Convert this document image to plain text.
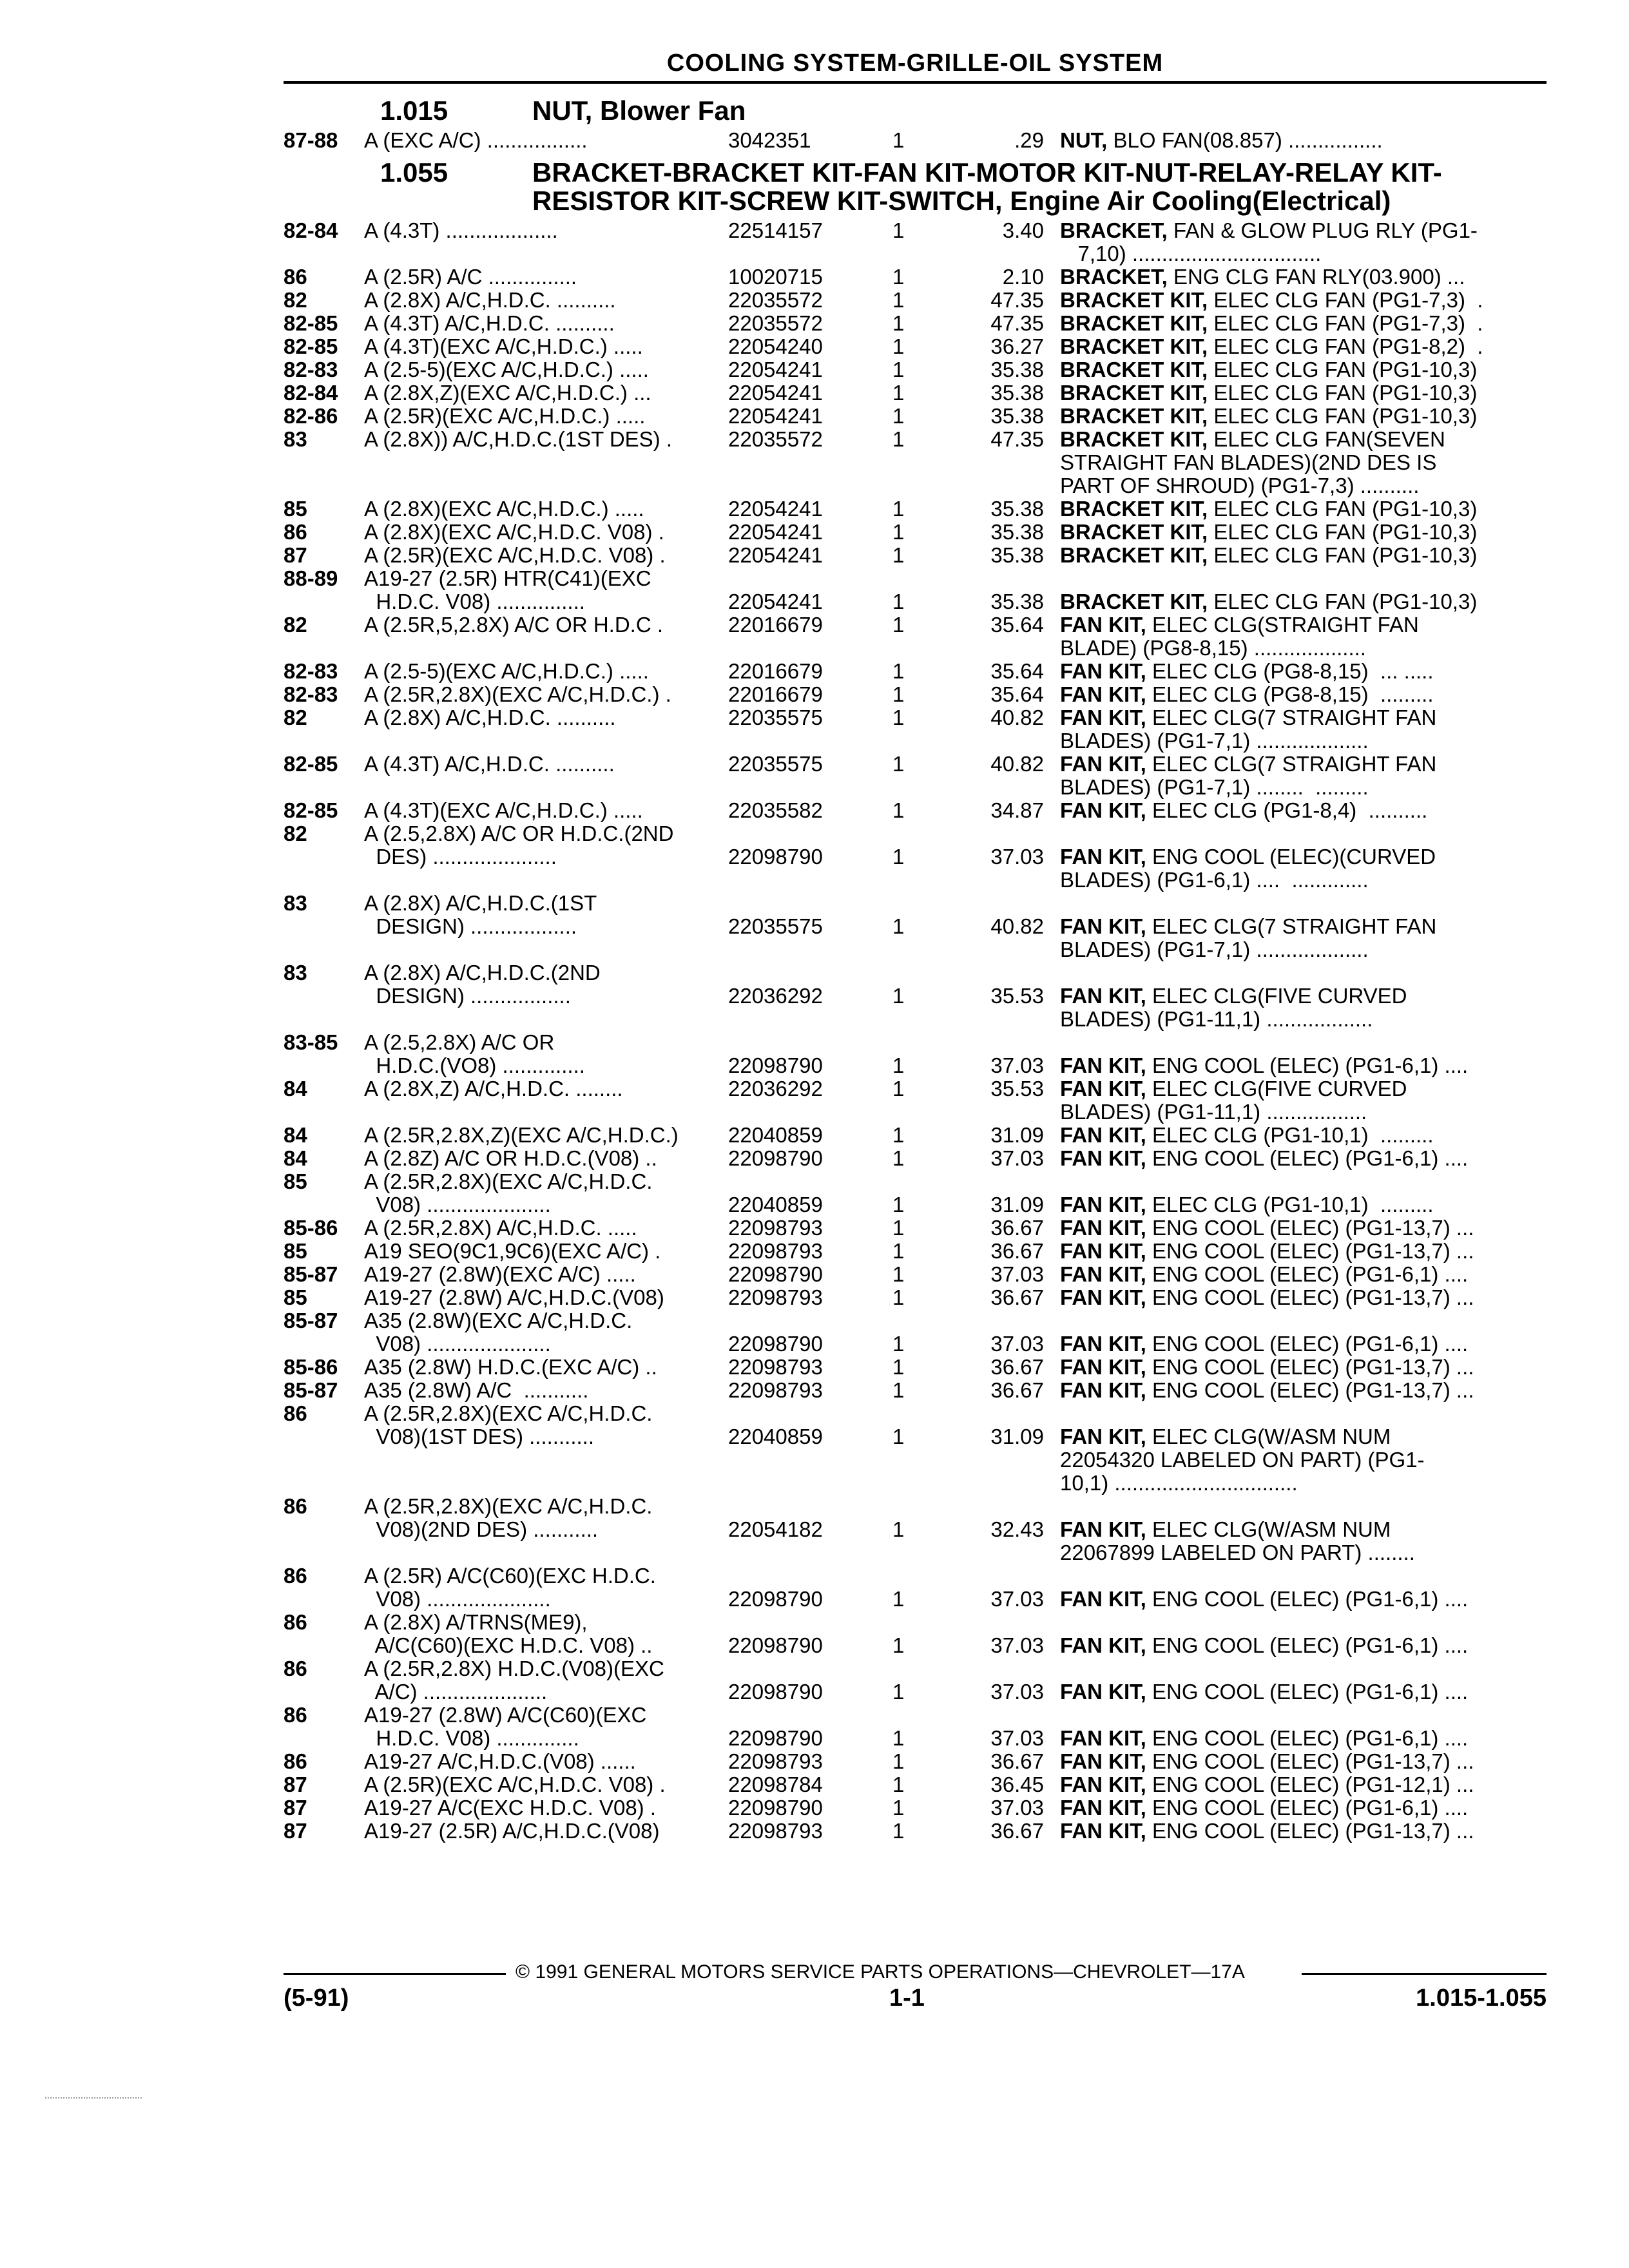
COOLING SYSTEM-GRILLE-OIL SYSTEM
1.015	NUT, Blower Fan
87-88	A (EXC A/C) .................	3042351	1	.29 NUT, BLO FAN(08.857) ................
1.055	BRACKET-BRACKET KIT-FAN KIT-MOTOR KIT-NUT-RELAY-RELAY KIT-RESISTOR KIT-SCREW KIT-SWITCH, Engine Air Cooling(Electrical)
82-84	A (4.3T) ...................	22514157	1	3.40 BRACKET, FAN & GLOW PLUG RLY (PG1-
7,10) ................................
86	A (2.5R) A/C ...............	10020715	1	2.10 BRACKET, ENG CLG FAN RLY(03.900) ...
82	A (2.8X) A/C,H.D.C. ..........	22035572	1	47.35 BRACKET KIT, ELEC CLG FAN (PG1-7,3)  .
82-85	A (4.3T) A/C,H.D.C. ..........	22035572	1	47.35 BRACKET KIT, ELEC CLG FAN (PG1-7,3)  .
82-85	A (4.3T)(EXC A/C,H.D.C.) .....	22054240	1	36.27 BRACKET KIT, ELEC CLG FAN (PG1-8,2)  .
82-83	A (2.5-5)(EXC A/C,H.D.C.) .....	22054241	1	35.38 BRACKET KIT, ELEC CLG FAN (PG1-10,3)
82-84	A (2.8X,Z)(EXC A/C,H.D.C.) ...	22054241	1	35.38 BRACKET KIT, ELEC CLG FAN (PG1-10,3)
82-86	A (2.5R)(EXC A/C,H.D.C.) .....	22054241	1	35.38 BRACKET KIT, ELEC CLG FAN (PG1-10,3)
83	A (2.8X)) A/C,H.D.C.(1ST DES) .	22035572	1	47.35 BRACKET KIT, ELEC CLG FAN(SEVEN
STRAIGHT FAN BLADES)(2ND DES IS
PART OF SHROUD) (PG1-7,3) ..........
85	A (2.8X)(EXC A/C,H.D.C.) .....	22054241	1	35.38 BRACKET KIT, ELEC CLG FAN (PG1-10,3)
86	A (2.8X)(EXC A/C,H.D.C. V08) .	22054241	1	35.38 BRACKET KIT, ELEC CLG FAN (PG1-10,3)
87	A (2.5R)(EXC A/C,H.D.C. V08) .	22054241	1	35.38 BRACKET KIT, ELEC CLG FAN (PG1-10,3)
88-89	A19-27 (2.5R) HTR(C41)(EXC
H.D.C. V08) ...............	22054241	1	35.38 BRACKET KIT, ELEC CLG FAN (PG1-10,3)
82	A (2.5R,5,2.8X) A/C OR H.D.C .	22016679	1	35.64 FAN KIT, ELEC CLG(STRAIGHT FAN
BLADE) (PG8-8,15) ...................
82-83	A (2.5-5)(EXC A/C,H.D.C.) .....	22016679	1	35.64 FAN KIT, ELEC CLG (PG8-8,15)  ... .....
82-83	A (2.5R,2.8X)(EXC A/C,H.D.C.) .	22016679	1	35.64 FAN KIT, ELEC CLG (PG8-8,15)  .........
82	A (2.8X) A/C,H.D.C. ..........	22035575	1	40.82 FAN KIT, ELEC CLG(7 STRAIGHT FAN
BLADES) (PG1-7,1) ...................
82-85	A (4.3T) A/C,H.D.C. ..........	22035575	1	40.82 FAN KIT, ELEC CLG(7 STRAIGHT FAN
BLADES) (PG1-7,1) ........  .........
82-85	A (4.3T)(EXC A/C,H.D.C.) .....	22035582	1	34.87 FAN KIT, ELEC CLG (PG1-8,4)  ..........
82	A (2.5,2.8X) A/C OR H.D.C.(2ND
DES) .....................	22098790	1	37.03 FAN KIT, ENG COOL (ELEC)(CURVED
BLADES) (PG1-6,1) ....  .............
83	A (2.8X) A/C,H.D.C.(1ST
DESIGN) ..................	22035575	1	40.82 FAN KIT, ELEC CLG(7 STRAIGHT FAN
BLADES) (PG1-7,1) ...................
83	A (2.8X) A/C,H.D.C.(2ND
DESIGN) .................	22036292	1	35.53 FAN KIT, ELEC CLG(FIVE CURVED
BLADES) (PG1-11,1) ..................
83-85	A (2.5,2.8X) A/C OR
H.D.C.(VO8) ..............	22098790	1	37.03 FAN KIT, ENG COOL (ELEC) (PG1-6,1) ....
84	A (2.8X,Z) A/C,H.D.C. ........	22036292	1	35.53 FAN KIT, ELEC CLG(FIVE CURVED
BLADES) (PG1-11,1) .................
84	A (2.5R,2.8X,Z)(EXC A/C,H.D.C.)	22040859	1	31.09 FAN KIT, ELEC CLG (PG1-10,1)  .........
84	A (2.8Z) A/C OR H.D.C.(V08) ..	22098790	1	37.03 FAN KIT, ENG COOL (ELEC) (PG1-6,1) ....
85	A (2.5R,2.8X)(EXC A/C,H.D.C.
V08) .....................	22040859	1	31.09 FAN KIT, ELEC CLG (PG1-10,1)  .........
85-86	A (2.5R,2.8X) A/C,H.D.C. .....	22098793	1	36.67 FAN KIT, ENG COOL (ELEC) (PG1-13,7) ...
85	A19 SEO(9C1,9C6)(EXC A/C) .	22098793	1	36.67 FAN KIT, ENG COOL (ELEC) (PG1-13,7) ...
85-87	A19-27 (2.8W)(EXC A/C) .....	22098790	1	37.03 FAN KIT, ENG COOL (ELEC) (PG1-6,1) ....
85	A19-27 (2.8W) A/C,H.D.C.(V08)	22098793	1	36.67 FAN KIT, ENG COOL (ELEC) (PG1-13,7) ...
85-87	A35 (2.8W)(EXC A/C,H.D.C.
V08) .....................	22098790	1	37.03 FAN KIT, ENG COOL (ELEC) (PG1-6,1) ....
85-86	A35 (2.8W) H.D.C.(EXC A/C) ..	22098793	1	36.67 FAN KIT, ENG COOL (ELEC) (PG1-13,7) ...
85-87	A35 (2.8W) A/C  ...........	22098793	1	36.67 FAN KIT, ENG COOL (ELEC) (PG1-13,7) ...
86	A (2.5R,2.8X)(EXC A/C,H.D.C.
V08)(1ST DES) ...........	22040859	1	31.09 FAN KIT, ELEC CLG(W/ASM NUM
22054320 LABELED ON PART) (PG1-
10,1) ...............................
86	A (2.5R,2.8X)(EXC A/C,H.D.C.
V08)(2ND DES) ...........	22054182	1	32.43 FAN KIT, ELEC CLG(W/ASM NUM
22067899 LABELED ON PART) ........
86	A (2.5R) A/C(C60)(EXC H.D.C.
V08) .....................	22098790	1	37.03 FAN KIT, ENG COOL (ELEC) (PG1-6,1) ....
86	A (2.8X) A/TRNS(ME9),
A/C(C60)(EXC H.D.C. V08) ..	22098790	1	37.03 FAN KIT, ENG COOL (ELEC) (PG1-6,1) ....
86	A (2.5R,2.8X) H.D.C.(V08)(EXC
A/C) .....................	22098790	1	37.03 FAN KIT, ENG COOL (ELEC) (PG1-6,1) ....
86	A19-27 (2.8W) A/C(C60)(EXC
H.D.C. V08) ..............	22098790	1	37.03 FAN KIT, ENG COOL (ELEC) (PG1-6,1) ....
86	A19-27 A/C,H.D.C.(V08) ......	22098793	1	36.67 FAN KIT, ENG COOL (ELEC) (PG1-13,7) ...
87	A (2.5R)(EXC A/C,H.D.C. V08) .	22098784	1	36.45 FAN KIT, ENG COOL (ELEC) (PG1-12,1) ...
87	A19-27 A/C(EXC H.D.C. V08) .	22098790	1	37.03 FAN KIT, ENG COOL (ELEC) (PG1-6,1) ....
87	A19-27 (2.5R) A/C,H.D.C.(V08)	22098793	1	36.67 FAN KIT, ENG COOL (ELEC) (PG1-13,7) ...
© 1991 GENERAL MOTORS SERVICE PARTS OPERATIONS—CHEVROLET—17A
(5-91)	1-1	1.015-1.055
